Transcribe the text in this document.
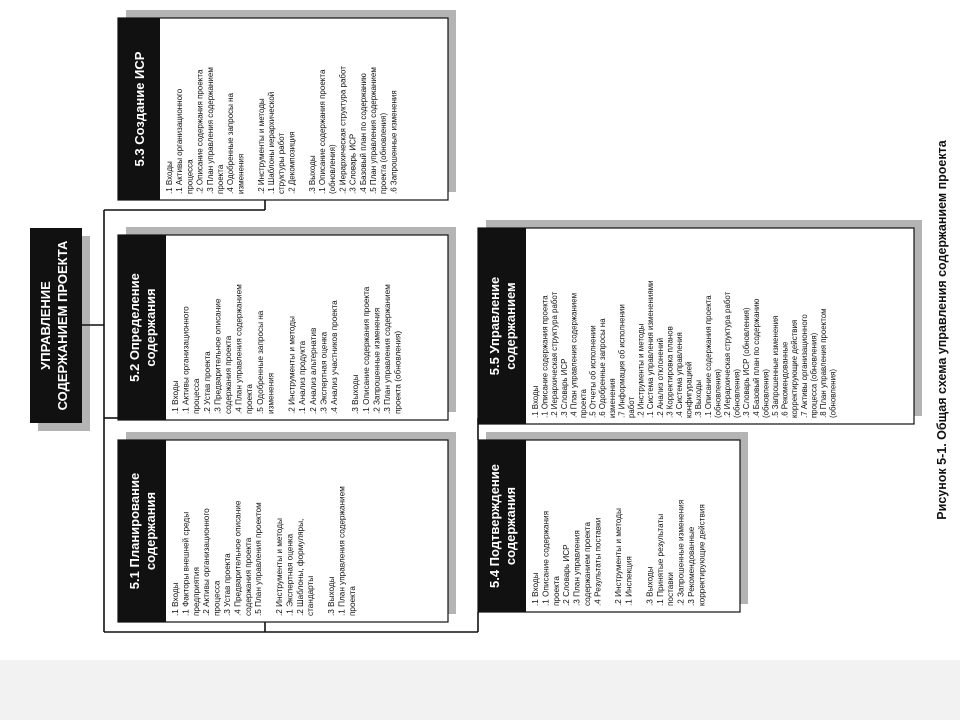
УПРАВЛЕНИЕ СОДЕРЖАНИЕМ ПРОЕКТА
5.1 Планирование содержания
.1 Входы .1 Факторы внешней среды предприятия .2 Активы организационного процесса .3 Устав проекта .4 Предварительное описание содержания проекта .5 План управления проектом .2 Инструменты и методы .1 Экспертная оценка .2 Шаблоны, формуляры, стандарты .3 Выходы .1 План управления содержанием проекта
5.2 Определение содержания
.1 Входы .1 Активы организационного процесса .2 Устав проекта .3 Предварительное описание содержания проекта .4 План управления содержанием проекта .5 Одобренные запросы на изменения .2 Инструменты и методы .1 Анализ продукта .2 Анализ альтернатив .3 Экспертная оценка .4 Анализ участников проекта .3 Выходы .1 Описание содержания проекта .2 Запрошенные изменения .3 План управления содержанием проекта (обновления)
5.3 Создание ИСР
.1 Входы .1 Активы организационного процесса .2 Описание содержания проекта .3 План управления содержанием проекта .4 Одобренные запросы на изменения .2 Инструменты и методы .1 Шаблоны иерархической структуры работ .2 Декомпозиция .3 Выходы .1 Описание содержания проекта (обновления) .2 Иерархическая структура работ .3 Словарь ИСР .4 Базовый план по содержанию .5 План управления содержанием проекта (обновления) .6 Запрошенные изменения
5.4 Подтверждение содержания
.1 Входы .1 Описание содержания проекта .2 Словарь ИСР .3 План управления содержанием проекта .4 Результаты поставки .2 Инструменты и методы .1 Инспекция .3 Выходы .1 Принятые результаты поставки .2 Запрошенные изменения .3 Рекомендованные корректирующие действия
5.5 Управление содержанием
.1 Входы .1 Описание содержания проекта .2 Иерархическая структура работ .3 Словарь ИСР .4 План управления содержанием проекта .5 Отчеты об исполнении .6 Одобренные запросы на изменения .7 Информация об исполнении работ .2 Инструменты и методы .1 Система управления изменениями .2 Анализ отклонений .3 Корректировка планов .4 Система управления конфигурацией .3 Выходы .1 Описание содержания проекта (обновления) .2 Иерархическая структура работ (обновления) .3 Словарь ИСР (обновления) .4 Базовый план по содержанию (обновления) .5 Запрошенные изменения .6 Рекомендованные корректирующие действия .7 Активы организационного процесса (обновления) .8 План управления проектом (обновления)	Рисунок 5-1. Общая схема управления содержанием проекта
